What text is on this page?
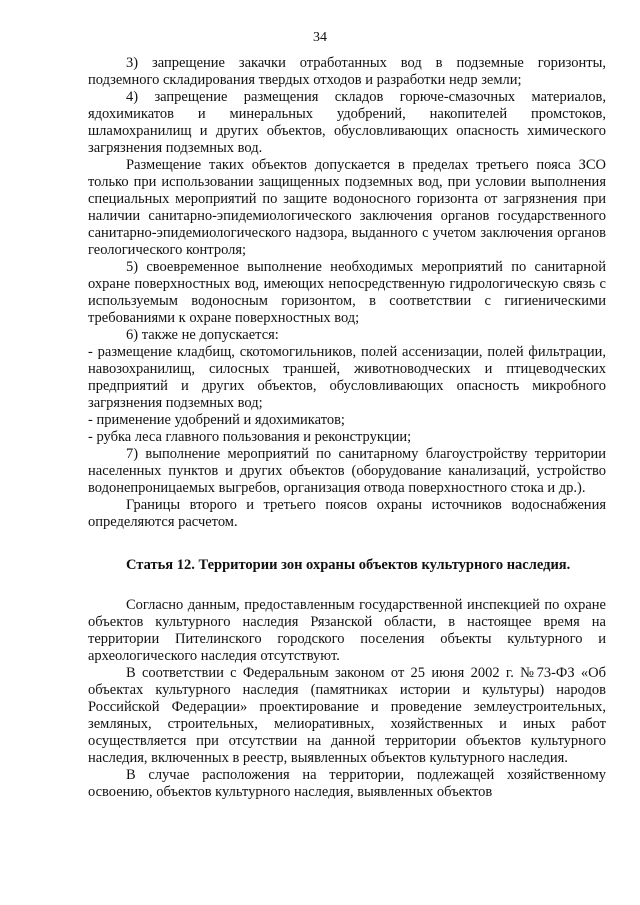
34

3) запрещение закачки отработанных вод в подземные горизонты, подземного складирования твердых отходов и разработки недр земли;

4) запрещение размещения складов горюче-смазочных материалов, ядохимикатов и минеральных удобрений, накопителей промстоков, шламохранилищ и других объектов, обусловливающих опасность химического загрязнения подземных вод.

Размещение таких объектов допускается в пределах третьего пояса ЗСО только при использовании защищенных подземных вод, при условии выполнения специальных мероприятий по защите водоносного горизонта от загрязнения при наличии санитарно-эпидемиологического заключения органов государственного санитарно-эпидемиологического надзора, выданного с учетом заключения органов геологического контроля;

5) своевременное выполнение необходимых мероприятий по санитарной охране поверхностных вод, имеющих непосредственную гидрологическую связь с используемым водоносным горизонтом, в соответствии с гигиеническими требованиями к охране поверхностных вод;

6) также не допускается:

- размещение кладбищ, скотомогильников, полей ассенизации, полей фильтрации, навозохранилищ, силосных траншей, животноводческих и птицеводческих предприятий и других объектов, обусловливающих опасность микробного загрязнения подземных вод;

- применение удобрений и ядохимикатов;

- рубка леса главного пользования и реконструкции;

7) выполнение мероприятий по санитарному благоустройству территории населенных пунктов и других объектов (оборудование канализаций, устройство водонепроницаемых выгребов, организация отвода поверхностного стока и др.).

Границы второго и третьего поясов охраны источников водоснабжения определяются расчетом.

Статья 12. Территории зон охраны объектов культурного наследия.

Согласно данным, предоставленным государственной инспекцией по охране объектов культурного наследия Рязанской области, в настоящее время на территории Пителинского городского поселения объекты культурного и археологического наследия отсутствуют.

В соответствии с Федеральным законом от 25 июня 2002 г. №73-ФЗ «Об объектах культурного наследия (памятниках истории и культуры) народов Российской Федерации» проектирование и проведение землеустроительных, земляных, строительных, мелиоративных, хозяйственных и иных работ осуществляется при отсутствии на данной территории объектов культурного наследия, включенных в реестр, выявленных объектов культурного наследия.

В случае расположения на территории, подлежащей хозяйственному освоению, объектов культурного наследия, выявленных объектов
